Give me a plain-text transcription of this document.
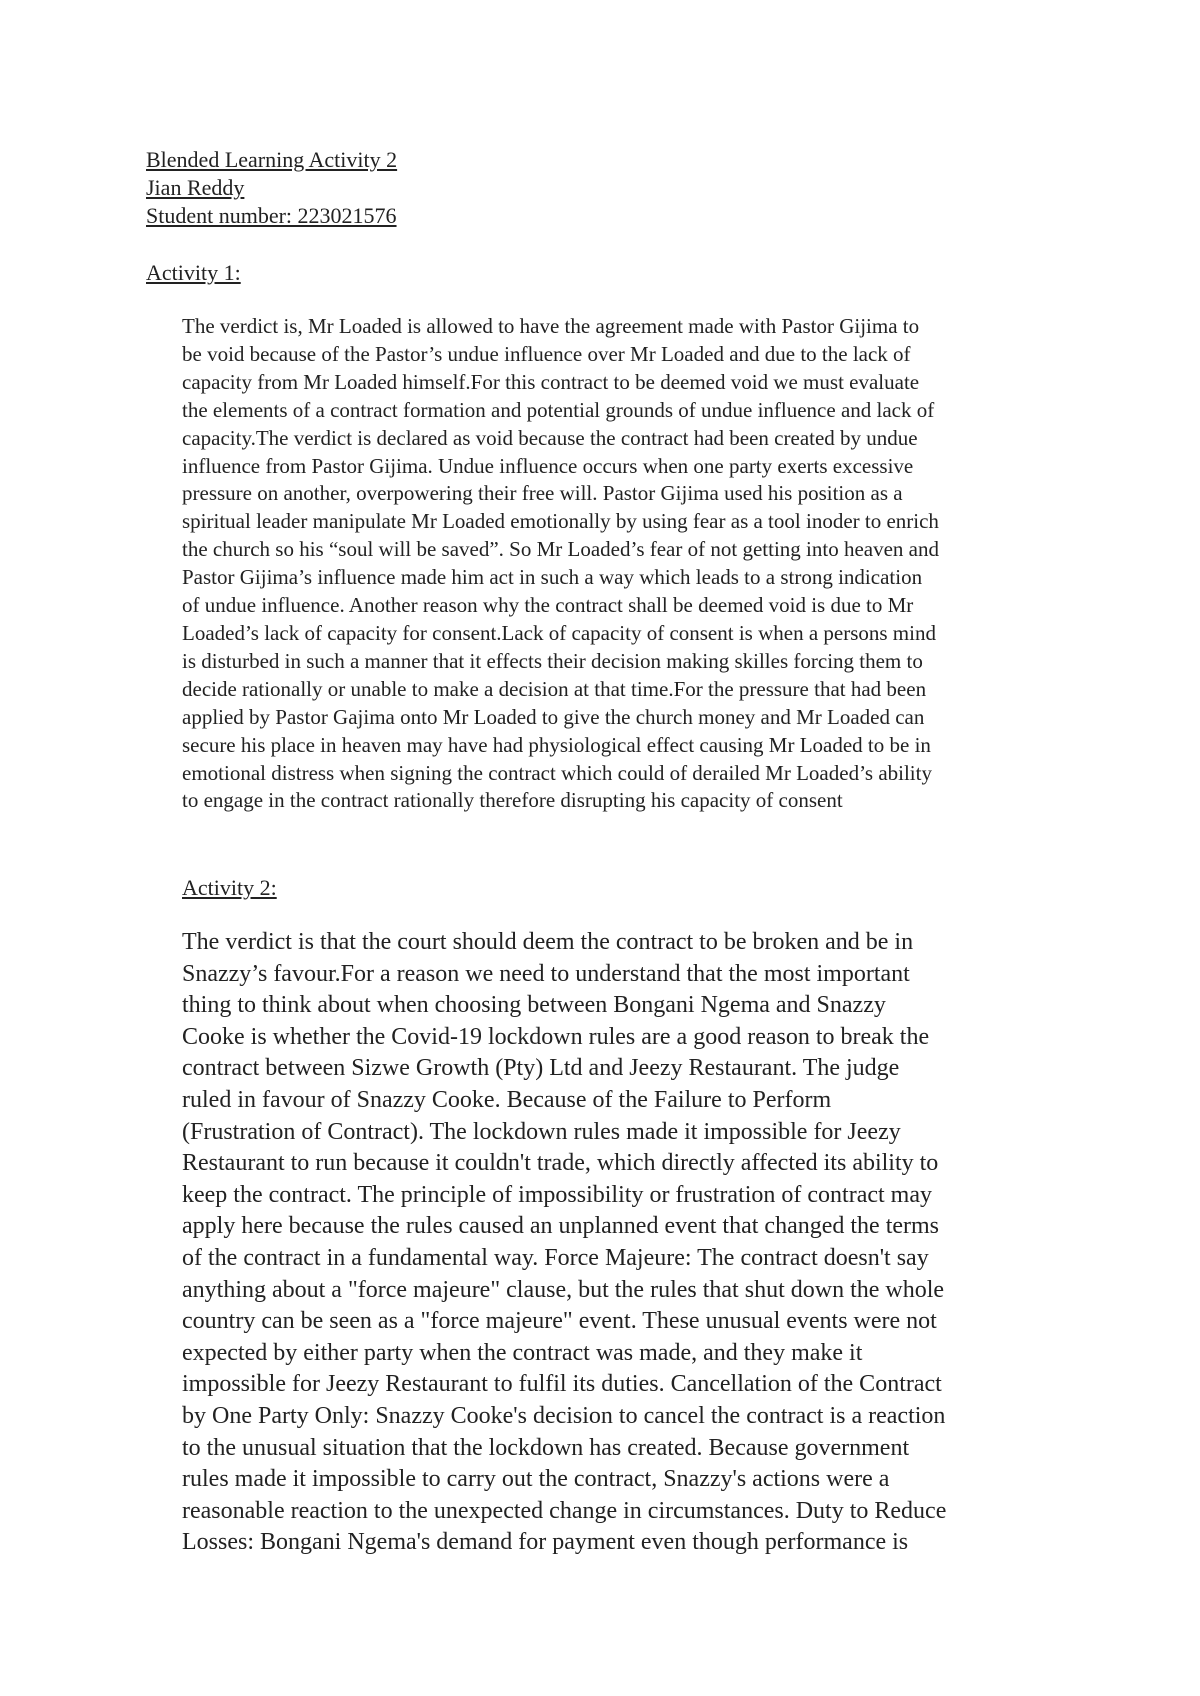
Blended Learning Activity 2
Jian Reddy
Student number: 223021576
Activity 1:
The verdict is, Mr Loaded is allowed to have the agreement made with Pastor Gijima to
be void because of the Pastor’s undue influence over Mr Loaded and due to the lack of
capacity from Mr Loaded himself.For this contract to be deemed void we must evaluate
the elements of a contract formation and potential grounds of undue influence and lack of
capacity.The verdict is declared as void because the contract had been created by undue
influence from Pastor Gijima. Undue influence occurs when one party exerts excessive
pressure on another, overpowering their free will. Pastor Gijima used his position as a
spiritual leader manipulate Mr Loaded emotionally by using fear as a tool inoder to enrich
the church so his “soul will be saved”. So Mr Loaded’s fear of not getting into heaven and
Pastor Gijima’s influence made him act in such a way which leads to a strong indication
of undue influence. Another reason why the contract shall be deemed void is due to Mr
Loaded’s lack of capacity for consent.Lack of capacity of consent is when a persons mind
is disturbed in such a manner that it effects their decision making skilles forcing them to
decide rationally or unable to make a decision at that time.For the pressure that had been
applied by Pastor Gajima onto Mr Loaded to give the church money and Mr Loaded can
secure his place in heaven may have had physiological effect causing Mr Loaded to be in
emotional distress when signing the contract which could of derailed Mr Loaded’s ability
to engage in the contract rationally therefore disrupting his capacity of consent
Activity 2:
The verdict is that the court should deem the contract to be broken and be in
Snazzy’s favour.For a reason we need to understand that the most important
thing to think about when choosing between Bongani Ngema and Snazzy
Cooke is whether the Covid-19 lockdown rules are a good reason to break the
contract between Sizwe Growth (Pty) Ltd and Jeezy Restaurant. The judge
ruled in favour of Snazzy Cooke. Because of the Failure to Perform
(Frustration of Contract). The lockdown rules made it impossible for Jeezy
Restaurant to run because it couldn't trade, which directly affected its ability to
keep the contract. The principle of impossibility or frustration of contract may
apply here because the rules caused an unplanned event that changed the terms
of the contract in a fundamental way. Force Majeure: The contract doesn't say
anything about a "force majeure" clause, but the rules that shut down the whole
country can be seen as a "force majeure" event. These unusual events were not
expected by either party when the contract was made, and they make it
impossible for Jeezy Restaurant to fulfil its duties. Cancellation of the Contract
by One Party Only: Snazzy Cooke's decision to cancel the contract is a reaction
to the unusual situation that the lockdown has created. Because government
rules made it impossible to carry out the contract, Snazzy's actions were a
reasonable reaction to the unexpected change in circumstances. Duty to Reduce
Losses: Bongani Ngema's demand for payment even though performance is
